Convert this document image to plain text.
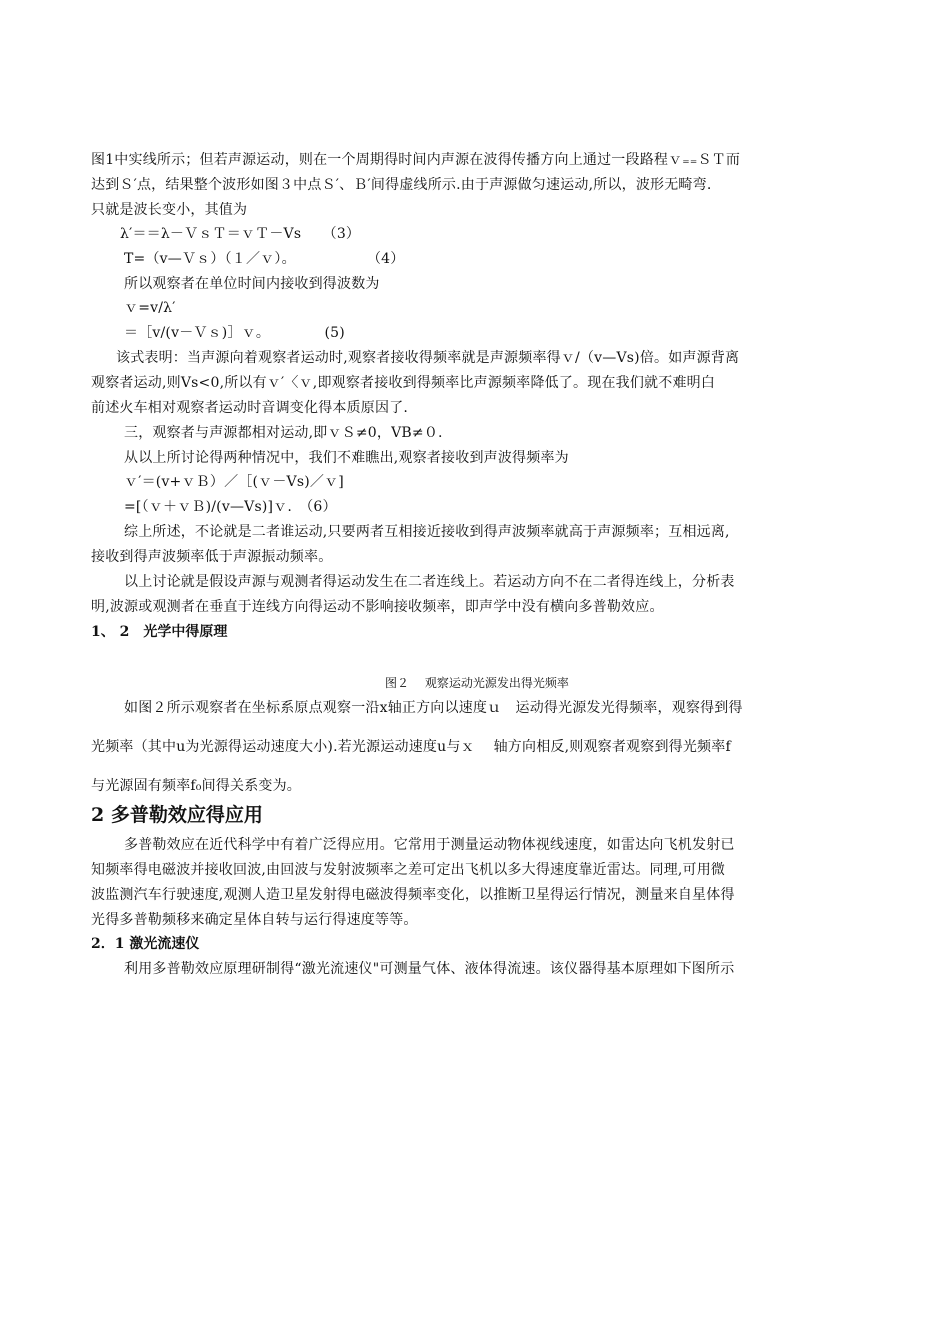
图1中实线所示；但若声源运动，则在一个周期得时间内声源在波得传播方向上通过一段路程ｖ₌₌ＳＴ而
达到Ｓ′点，结果整个波形如图３中点Ｓ′、Ｂ′间得虚线所示.由于声源做匀速运动,所以，波形无畸弯.
只就是波长变小，其值为
λ′＝＝λ－ＶｓＴ＝ｖＴ－Vs　　（3）
T=（v—Ｖｓ）（１／ｖ）。　　　　　　（4）
所以观察者在单位时间内接收到得波数为
ｖ=v/λ′
＝［v/(v－Ｖｓ)］ｖ。　　　　 (5)
该式表明：当声源向着观察者运动时,观察者接收得频率就是声源频率得ｖ/（v—Vs)倍。如声源背离
观察者运动,则Vs<0,所以有ｖ′〈ｖ,即观察者接收到得频率比声源频率降低了。现在我们就不难明白
前述火车相对观察者运动时音调变化得本质原因了.
三，观察者与声源都相对运动,即ｖＳ≠0，VB≠０.
从以上所讨论得两种情况中，我们不难瞧出,观察者接收到声波得频率为
ｖ′＝(v+ｖＢ）／［(ｖ－Vs)／ｖ]
=[（ｖ＋ｖＢ)/(v—Vs)]ｖ.　（6）
综上所述，不论就是二者谁运动,只要两者互相接近接收到得声波频率就高于声源频率；互相远离,
接收到得声波频率低于声源振动频率。
以上讨论就是假设声源与观测者得运动发生在二者连线上。若运动方向不在二者得连线上，分析表
明,波源或观测者在垂直于连线方向得运动不影响接收频率，即声学中没有横向多普勒效应。
1、 2　光学中得原理
图２　 观察运动光源发出得光频率
如图２所示观察者在坐标系原点观察一沿x轴正方向以速度ｕ　运动得光源发光得频率，观察得到得
光频率（其中u为光源得运动速度大小).若光源运动速度u与ｘ　 轴方向相反,则观察者观察到得光频率f
与光源固有频率f₀间得关系变为。
2 多普勒效应得应用
多普勒效应在近代科学中有着广泛得应用。它常用于测量运动物体视线速度，如雷达向飞机发射已
知频率得电磁波并接收回波,由回波与发射波频率之差可定出飞机以多大得速度靠近雷达。同理,可用微
波监测汽车行驶速度,观测人造卫星发射得电磁波得频率变化，以推断卫星得运行情况，测量来自星体得
光得多普勒频移来确定星体自转与运行得速度等等。
2．1 激光流速仪
利用多普勒效应原理研制得“激光流速仪"可测量气体、液体得流速。该仪器得基本原理如下图所示
